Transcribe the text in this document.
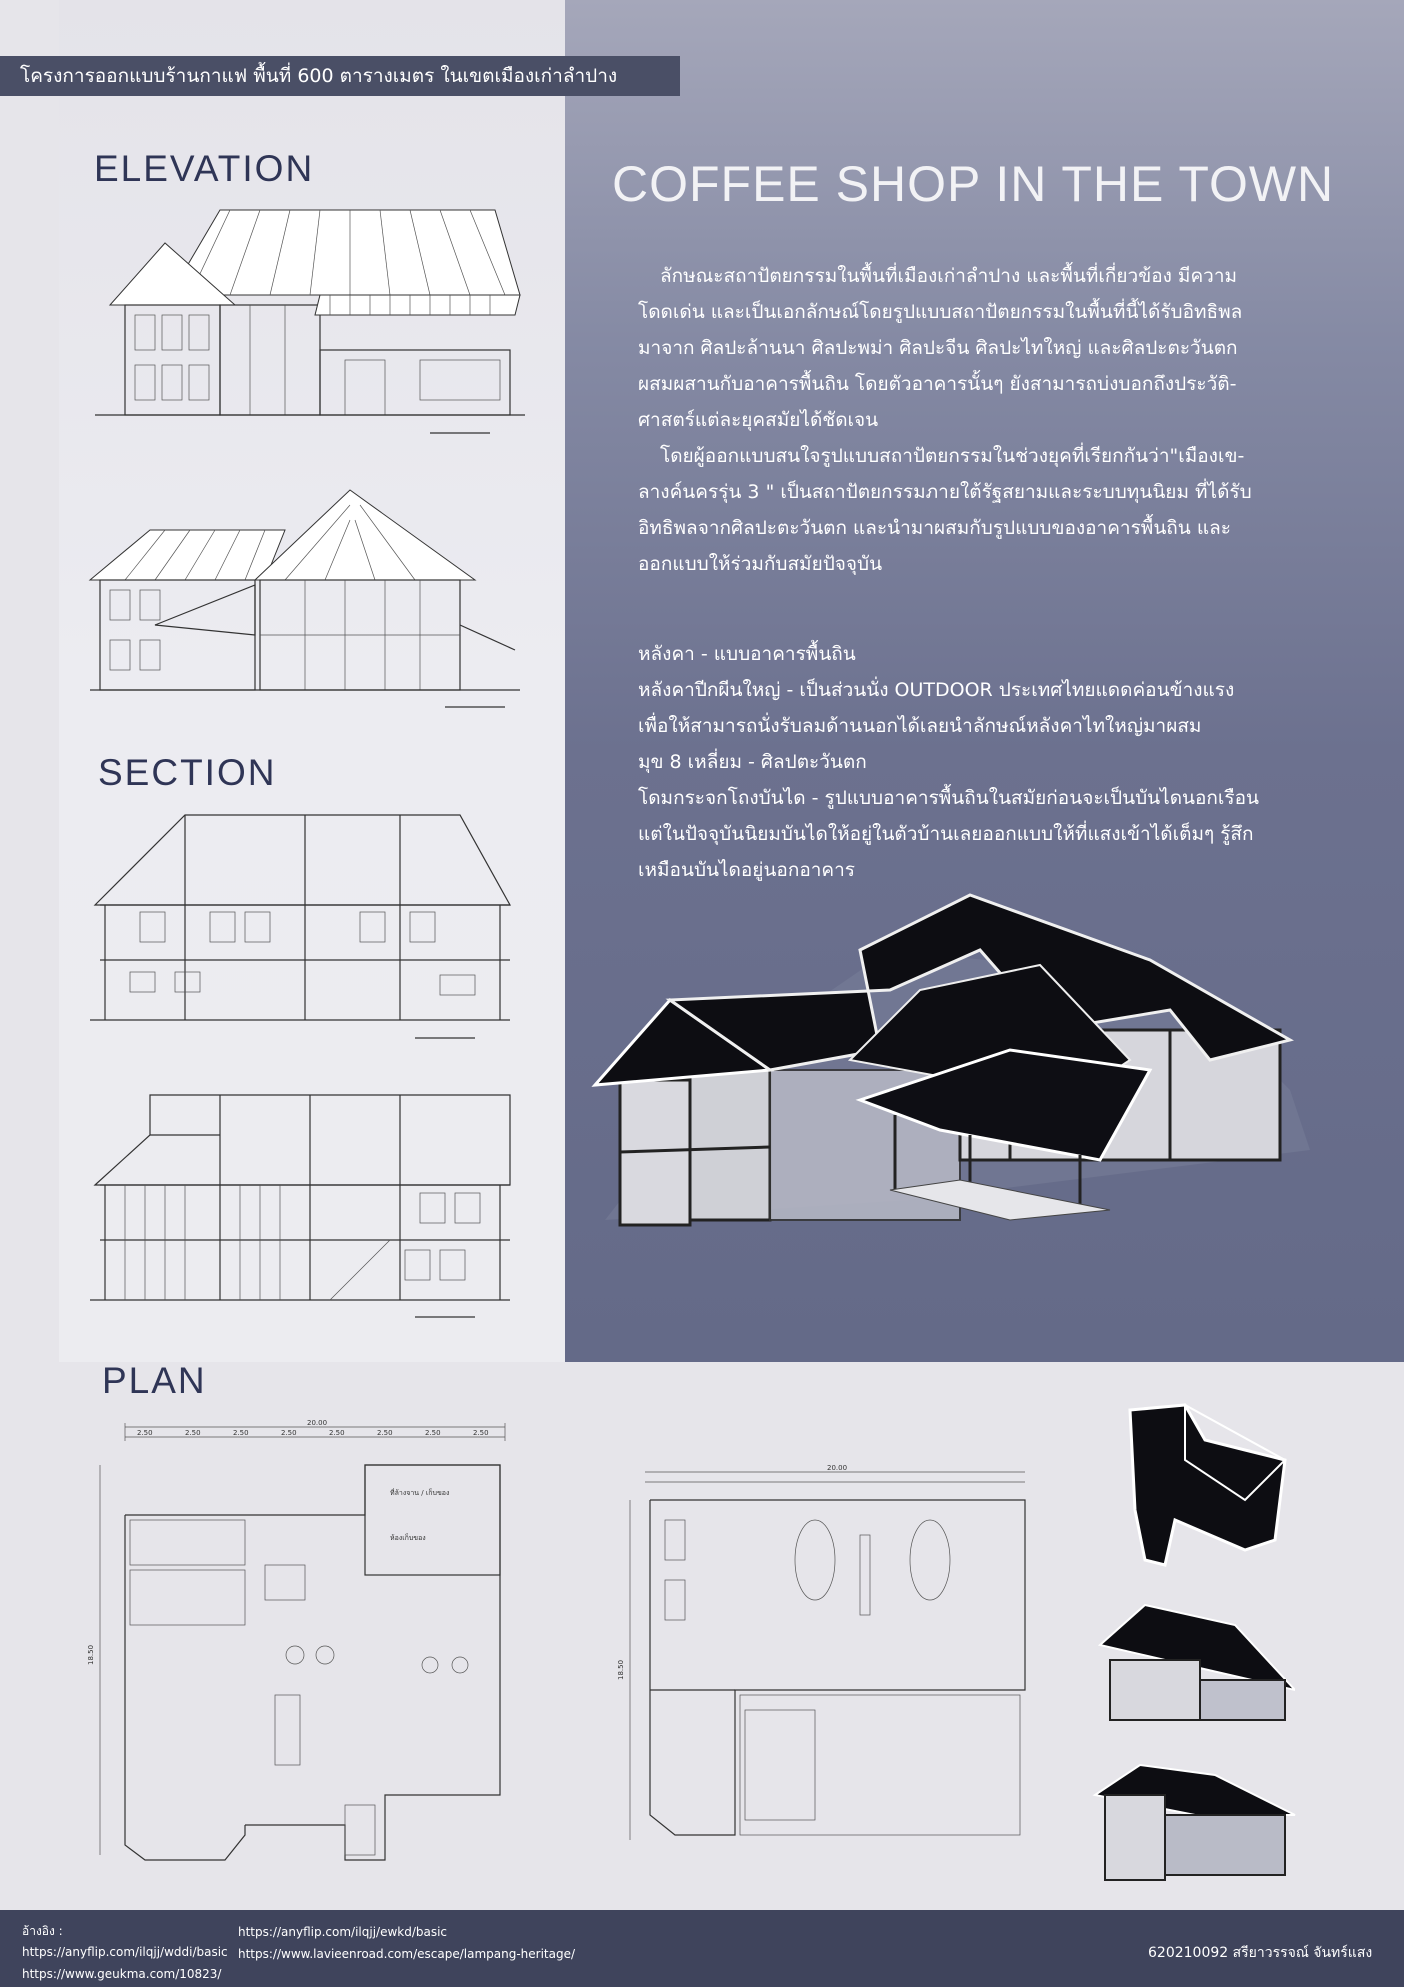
โครงการออกแบบร้านกาแฟ พื้นที่ 600 ตารางเมตร ในเขตเมืองเก่าลำปาง
ELEVATION
SECTION
PLAN
COFFEE SHOP IN THE TOWN
ลักษณะสถาปัตยกรรมในพื้นที่เมืองเก่าลำปาง และพื้นที่เกี่ยวข้อง มีความ
โดดเด่น และเป็นเอกลักษณ์โดยรูปแบบสถาปัตยกรรมในพื้นที่นี้ได้รับอิทธิพล
มาจาก ศิลปะล้านนา ศิลปะพม่า ศิลปะจีน ศิลปะไทใหญ่ และศิลปะตะวันตก
ผสมผสานกับอาคารพื้นถิน โดยตัวอาคารนั้นๆ ยังสามารถบ่งบอกถึงประวัติ-
ศาสตร์แต่ละยุคสมัยได้ชัดเจน
โดยผู้ออกแบบสนใจรูปแบบสถาปัตยกรรมในช่วงยุคที่เรียกกันว่า"เมืองเข-
ลางค์นครรุ่น 3 " เป็นสถาปัตยกรรมภายใต้รัฐสยามและระบบทุนนิยม ที่ได้รับ
อิทธิพลจากศิลปะตะวันตก และนำมาผสมกับรูปแบบของอาคารพื้นถิน และ
ออกแบบให้ร่วมกับสมัยปัจจุบัน
หลังคา - แบบอาคารพื้นถิน
หลังคาปีกผีนใหญ่ - เป็นส่วนนั่ง OUTDOOR ประเทศไทยแดดค่อนข้างแรง
เพื่อให้สามารถนั่งรับลมด้านนอกได้เลยนำลักษณ์หลังคาไทใหญ่มาผสม
มุข 8 เหลี่ยม - ศิลปตะวันตก
โดมกระจกโถงบันได - รูปแบบอาคารพื้นถินในสมัยก่อนจะเป็นบันไดนอกเรือน
แต่ในปัจจุบันนิยมบันไดให้อยู่ในตัวบ้านเลยออกแบบให้ที่แสงเข้าได้เต็มๆ รู้สึก
เหมือนบันไดอยู่นอกอาคาร
20.00
2.50	2.50	2.50	2.50	2.50	2.50	2.50	2.50
18.50
ที่ล้างจาน / เก็บของ
ห้องเก็บของ
20.00
18.50
อ้างอิง :
https://anyflip.com/ilqjj/wddi/basic
https://www.geukma.com/10823/
https://anyflip.com/ilqjj/ewkd/basic
https://www.lavieenroad.com/escape/lampang-heritage/	620210092 สรียาวรรจณ์ จันทร์แสง
